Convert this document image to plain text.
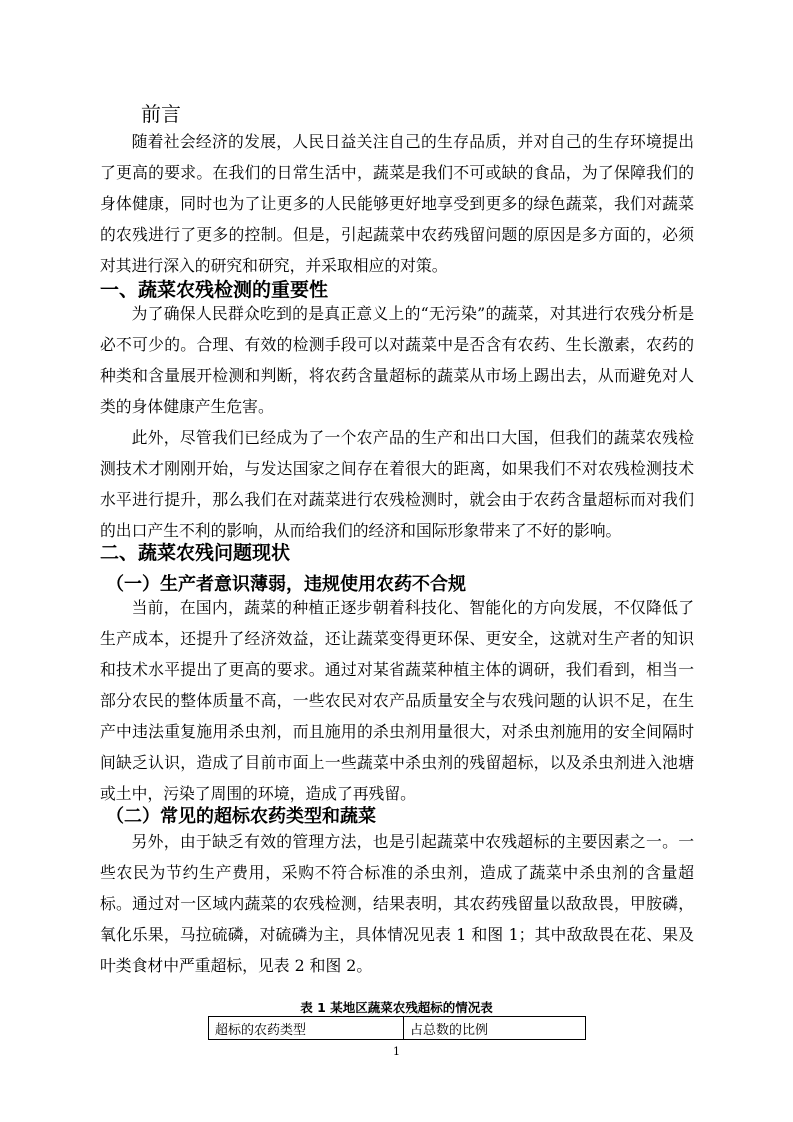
前言

随着社会经济的发展，人民日益关注自己的生存品质，并对自己的生存环境提出了更高的要求。在我们的日常生活中，蔬菜是我们不可或缺的食品，为了保障我们的身体健康，同时也为了让更多的人民能够更好地享受到更多的绿色蔬菜，我们对蔬菜的农残进行了更多的控制。但是，引起蔬菜中农药残留问题的原因是多方面的，必须对其进行深入的研究和研究，并采取相应的对策。

一、蔬菜农残检测的重要性

为了确保人民群众吃到的是真正意义上的“无污染”的蔬菜，对其进行农残分析是必不可少的。合理、有效的检测手段可以对蔬菜中是否含有农药、生长激素，农药的种类和含量展开检测和判断，将农药含量超标的蔬菜从市场上踢出去，从而避免对人类的身体健康产生危害。

此外，尽管我们已经成为了一个农产品的生产和出口大国，但我们的蔬菜农残检测技术才刚刚开始，与发达国家之间存在着很大的距离，如果我们不对农残检测技术水平进行提升，那么我们在对蔬菜进行农残检测时，就会由于农药含量超标而对我们的出口产生不利的影响，从而给我们的经济和国际形象带来了不好的影响。

二、蔬菜农残问题现状
（一）生产者意识薄弱，违规使用农药不合规

当前，在国内，蔬菜的种植正逐步朝着科技化、智能化的方向发展，不仅降低了生产成本，还提升了经济效益，还让蔬菜变得更环保、更安全，这就对生产者的知识和技术水平提出了更高的要求。通过对某省蔬菜种植主体的调研，我们看到，相当一部分农民的整体质量不高，一些农民对农产品质量安全与农残问题的认识不足，在生产中违法重复施用杀虫剂，而且施用的杀虫剂用量很大，对杀虫剂施用的安全间隔时间缺乏认识，造成了目前市面上一些蔬菜中杀虫剂的残留超标，以及杀虫剂进入池塘或土中，污染了周围的环境，造成了再残留。

（二）常见的超标农药类型和蔬菜

另外，由于缺乏有效的管理方法，也是引起蔬菜中农残超标的主要因素之一。一些农民为节约生产费用，采购不符合标准的杀虫剂，造成了蔬菜中杀虫剂的含量超标。通过对一区域内蔬菜的农残检测，结果表明，其农药残留量以敌敌畏，甲胺磷，氧化乐果，马拉硫磷，对硫磷为主，具体情况见表 1 和图 1；其中敌敌畏在花、果及叶类食材中严重超标，见表 2 和图 2。

表 1 某地区蔬菜农残超标的情况表
超标的农药类型	占总数的比例
1
